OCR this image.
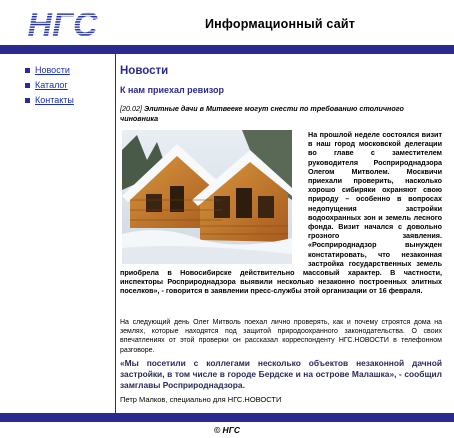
НГС	Информационный сайт
Новости
Каталог
Контакты
Новости
К нам приехал ревизор
[20.02] Элитные дачи в Митвееке могут снести по требованию столичного чиновника
На прошлой неделе состоялся визит в наш город московской делегации во главе с заместителем руководителя Росприроднадзора Олегом Митволем. Москвичи приехали проверить, насколько хорошо сибиряки охраняют свою природу – особенно в вопросах недопущения застройки водоохранных зон и земель лесного фонда. Визит начался с довольно грозного заявления. «Росприроднадзор вынужден констатировать, что незаконная застройка государственных земель приобрела в Новосибирске действительно массовый характер. В частности, инспекторы Росприроднадзора выявили несколько незаконно построенных элитных поселков», - говорится в заявлении пресс-службы этой организации от 16 февраля.
На следующий день Олег Митволь поехал лично проверять, как и почему строятся дома на землях, которые находятся под защитой природоохранного законодательства. О своих впечатлениях от этой проверки он рассказал корреспонденту НГС.НОВОСТИ в телефонном разговоре.
«Мы посетили с коллегами несколько объектов незаконной дачной застройки, в том числе в городе Бердске и на острове Малашка», - сообщил замглавы Росприроднадзора.
Петр Малков, специально для НГС.НОВОСТИ
© НГС
